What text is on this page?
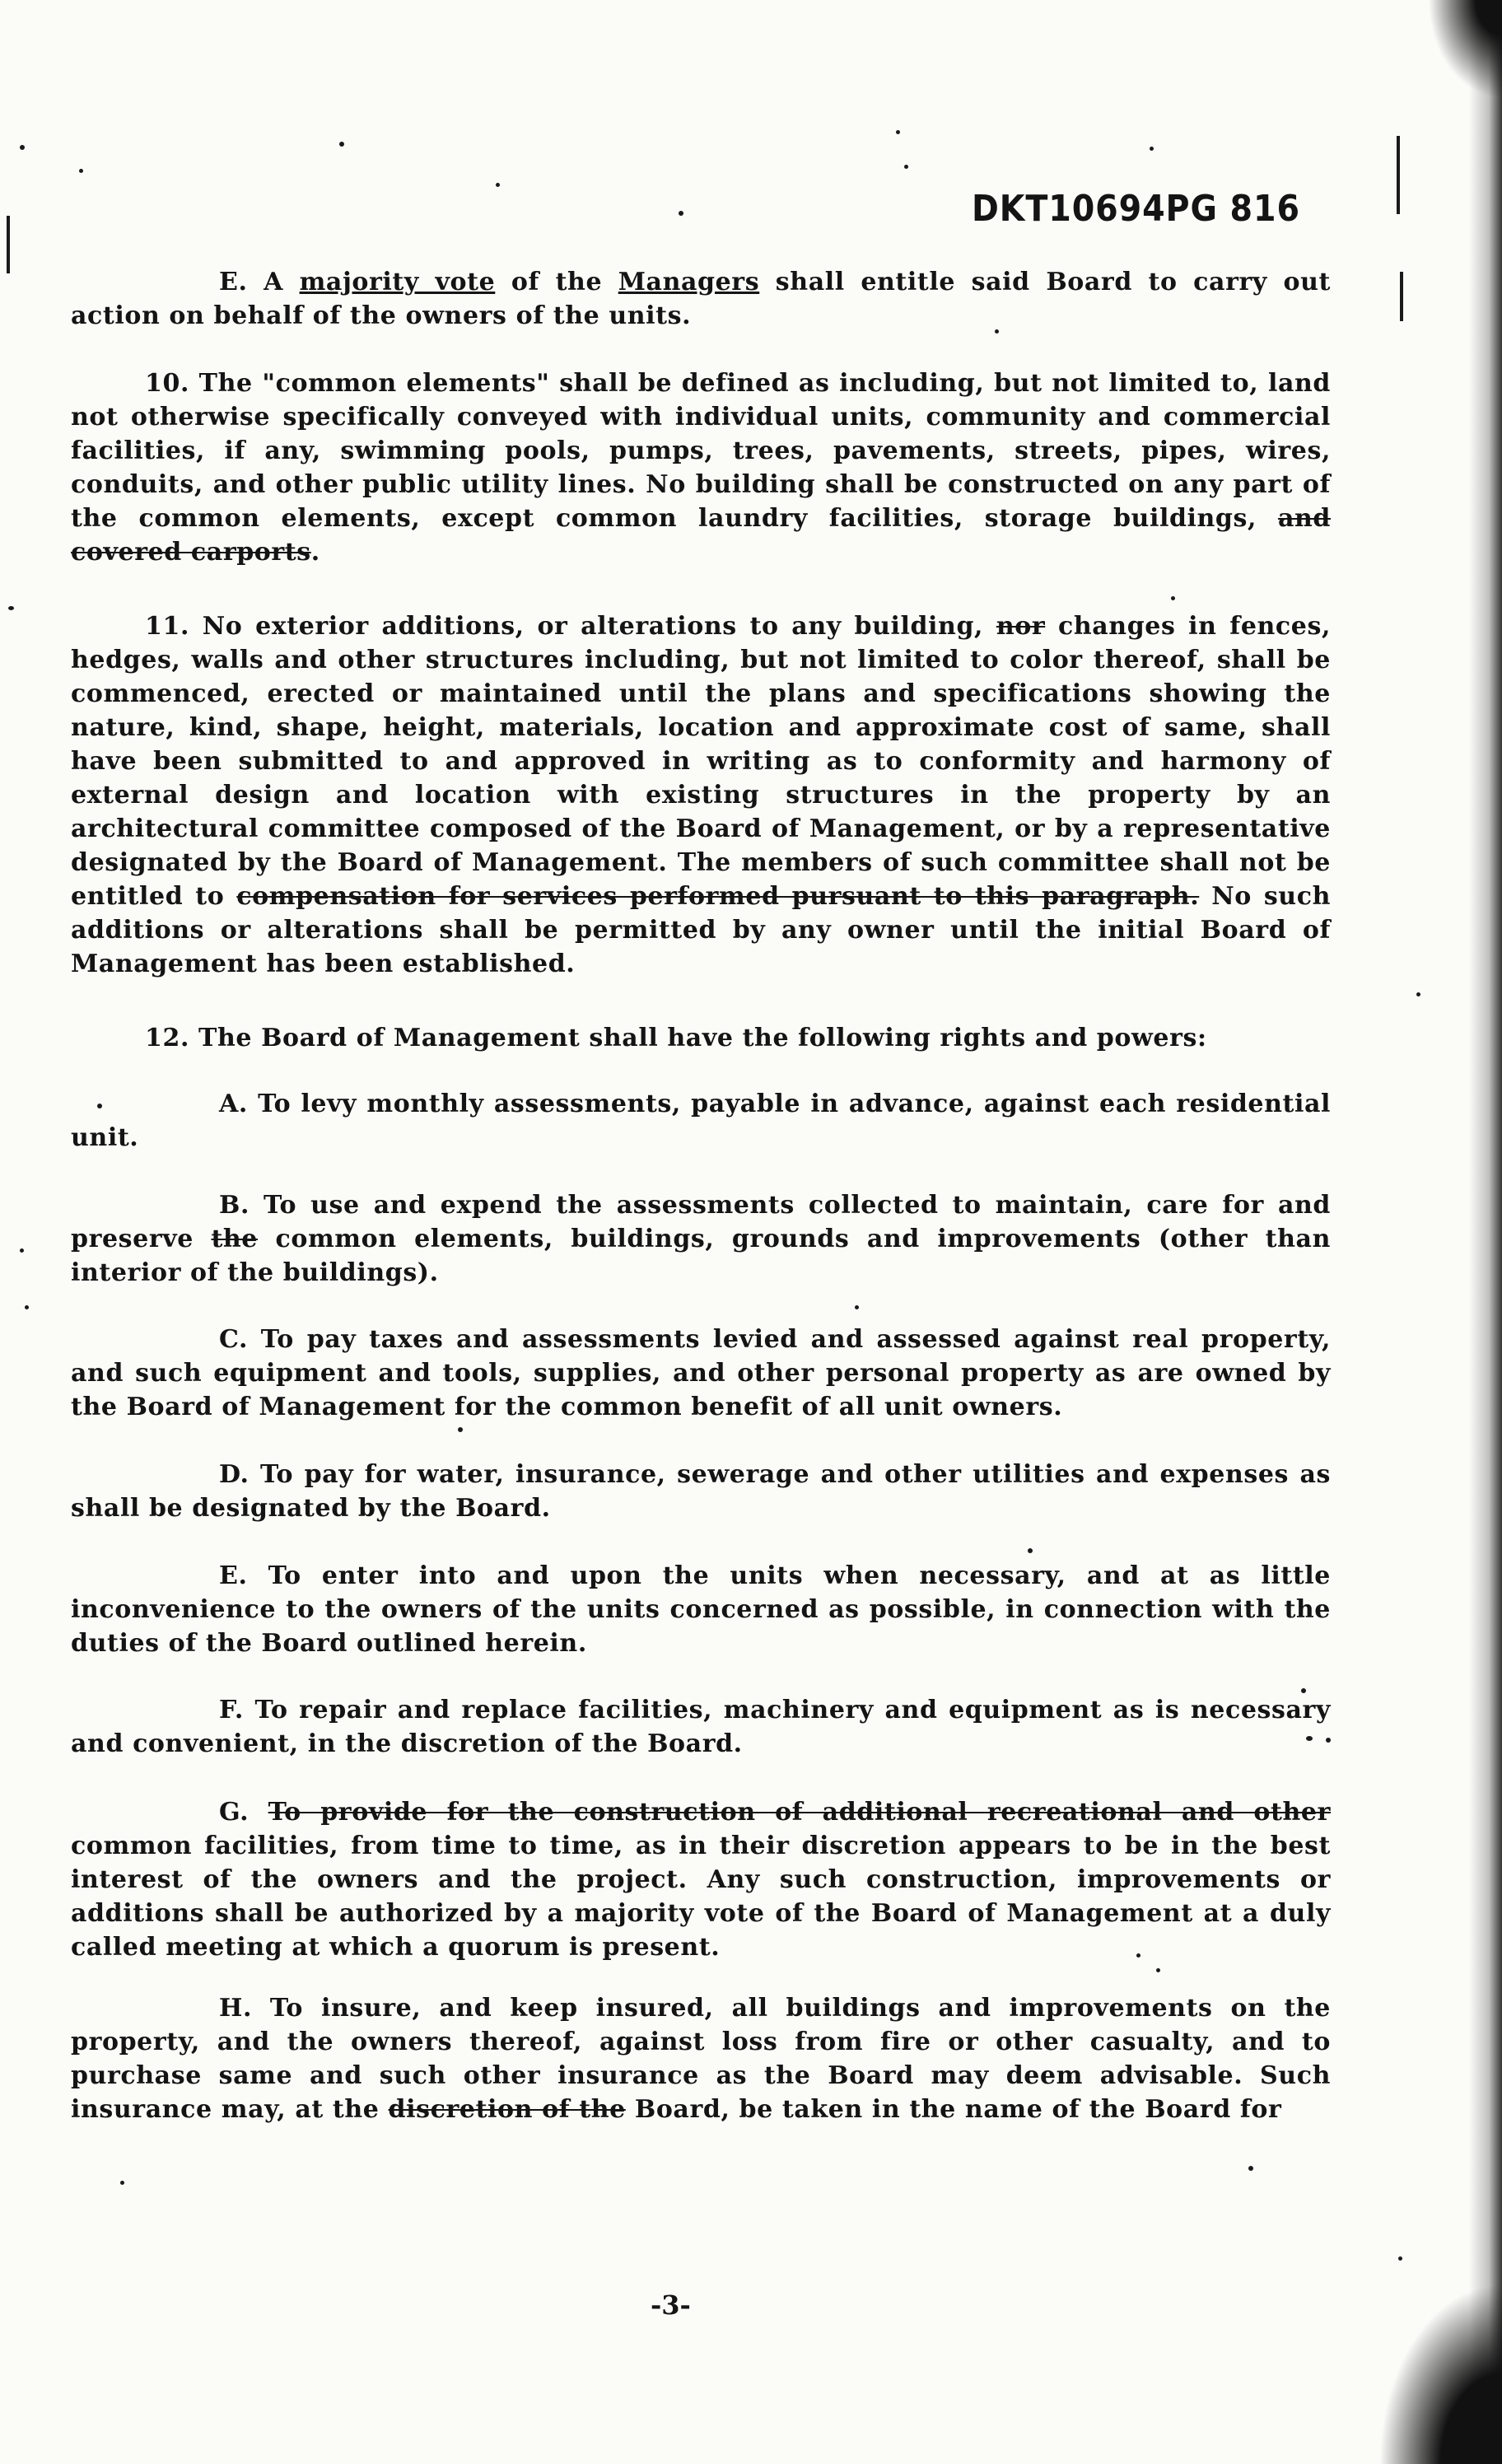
DKT10694PG 816
E. A majority vote of the Managers shall entitle said Board to carry out action on behalf of the owners of the units.
10. The "common elements" shall be defined as including, but not limited to, land not otherwise specifically conveyed with individual units, community and commercial facilities, if any, swimming pools, pumps, trees, pavements, streets, pipes, wires, conduits, and other public utility lines. No building shall be constructed on any part of the common elements, except common laundry facilities, storage buildings, and covered carports.
11. No exterior additions, or alterations to any building, nor changes in fences, hedges, walls and other structures including, but not limited to color thereof, shall be commenced, erected or maintained until the plans and specifications showing the nature, kind, shape, height, materials, location and approximate cost of same, shall have been submitted to and approved in writing as to conformity and harmony of external design and location with existing structures in the property by an architectural committee composed of the Board of Management, or by a representative designated by the Board of Management. The members of such committee shall not be entitled to compensation for services performed pursuant to this paragraph. No such additions or alterations shall be permitted by any owner until the initial Board of Management has been established.
12. The Board of Management shall have the following rights and powers:
A. To levy monthly assessments, payable in advance, against each residential unit.
B. To use and expend the assessments collected to maintain, care for and preserve the common elements, buildings, grounds and improvements (other than interior of the buildings).
C. To pay taxes and assessments levied and assessed against real property, and such equipment and tools, supplies, and other personal property as are owned by the Board of Management for the common benefit of all unit owners.
D. To pay for water, insurance, sewerage and other utilities and expenses as shall be designated by the Board.
E. To enter into and upon the units when necessary, and at as little inconvenience to the owners of the units concerned as possible, in connection with the duties of the Board outlined herein.
F. To repair and replace facilities, machinery and equipment as is necessary and convenient, in the discretion of the Board.
G. To provide for the construction of additional recreational and other common facilities, from time to time, as in their discretion appears to be in the best interest of the owners and the project. Any such construction, improvements or additions shall be authorized by a majority vote of the Board of Management at a duly called meeting at which a quorum is present.
H. To insure, and keep insured, all buildings and improvements on the property, and the owners thereof, against loss from fire or other casualty, and to purchase same and such other insurance as the Board may deem advisable. Such insurance may, at the discretion of the Board, be taken in the name of the Board for
-3-
